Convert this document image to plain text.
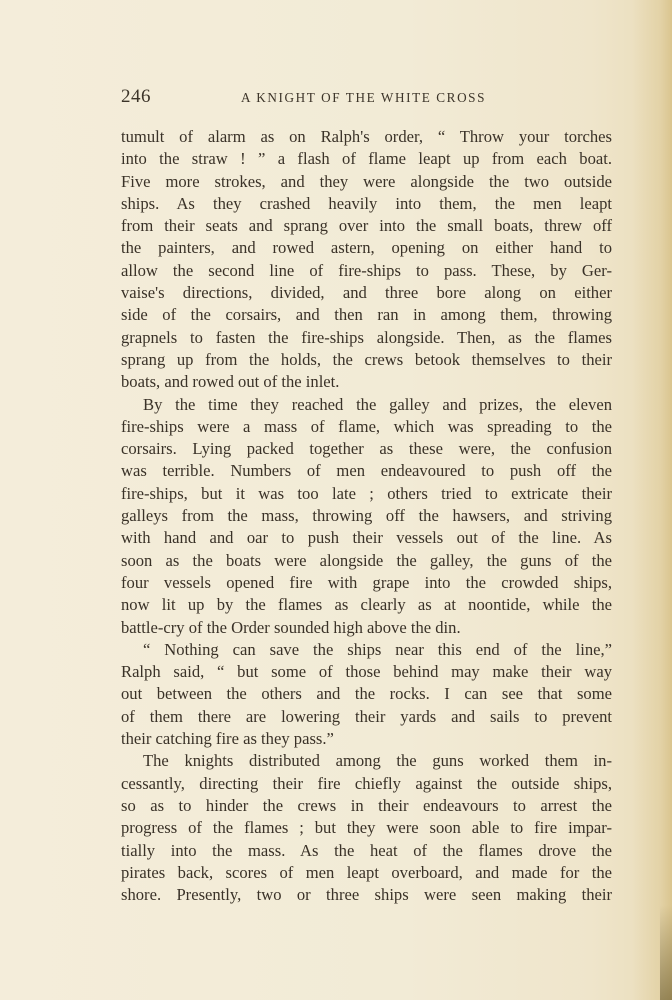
246	A KNIGHT OF THE WHITE CROSS
tumult of alarm as on Ralph's order, “ Throw your torches
into the straw ! ” a flash of flame leapt up from each boat.
Five more strokes, and they were alongside the two outside
ships. As they crashed heavily into them, the men leapt
from their seats and sprang over into the small boats, threw off
the painters, and rowed astern, opening on either hand to
allow the second line of fire-ships to pass. These, by Ger-
vaise's directions, divided, and three bore along on either
side of the corsairs, and then ran in among them, throwing
grapnels to fasten the fire-ships alongside. Then, as the flames
sprang up from the holds, the crews betook themselves to their
boats, and rowed out of the inlet.
By the time they reached the galley and prizes, the eleven
fire-ships were a mass of flame, which was spreading to the
corsairs. Lying packed together as these were, the confusion
was terrible. Numbers of men endeavoured to push off the
fire-ships, but it was too late ; others tried to extricate their
galleys from the mass, throwing off the hawsers, and striving
with hand and oar to push their vessels out of the line. As
soon as the boats were alongside the galley, the guns of the
four vessels opened fire with grape into the crowded ships,
now lit up by the flames as clearly as at noontide, while the
battle-cry of the Order sounded high above the din.
“ Nothing can save the ships near this end of the line,”
Ralph said, “ but some of those behind may make their way
out between the others and the rocks. I can see that some
of them there are lowering their yards and sails to prevent
their catching fire as they pass.”
The knights distributed among the guns worked them in-
cessantly, directing their fire chiefly against the outside ships,
so as to hinder the crews in their endeavours to arrest the
progress of the flames ; but they were soon able to fire impar-
tially into the mass. As the heat of the flames drove the
pirates back, scores of men leapt overboard, and made for the
shore. Presently, two or three ships were seen making their
